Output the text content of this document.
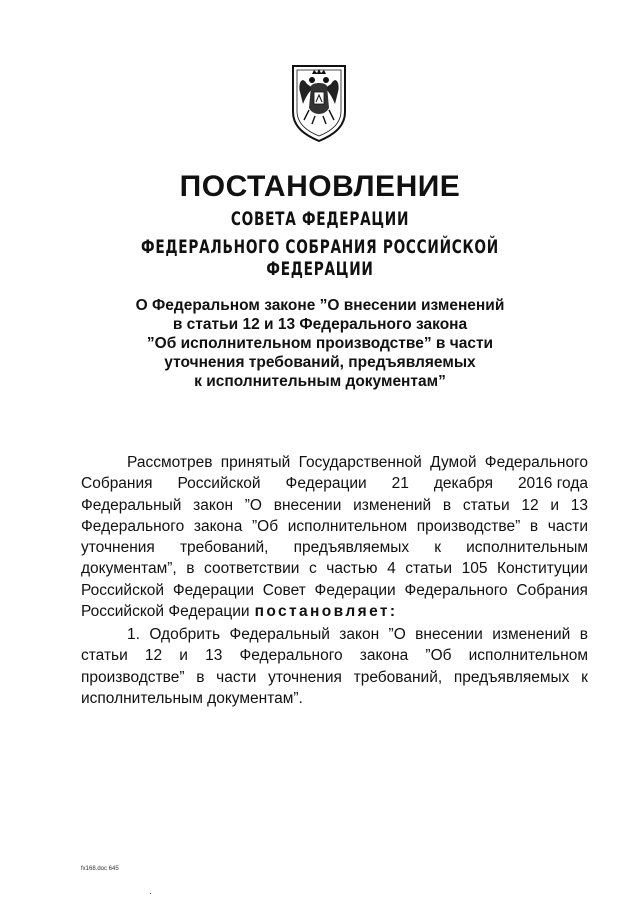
ПОСТАНОВЛЕНИЕ
СОВЕТА ФЕДЕРАЦИИ
ФЕДЕРАЛЬНОГО СОБРАНИЯ РОССИЙСКОЙ ФЕДЕРАЦИИ
О Федеральном законе ”О внесении изменений
в статьи 12 и 13 Федерального закона
”Об исполнительном производстве” в части
уточнения требований, предъявляемых
к исполнительным документам”
Рассмотрев принятый Государственной Думой Федерального
Собрания Российской Федерации 21 декабря 2016 года
Федеральный закон ”О внесении изменений в статьи 12 и 13
Федерального закона ”Об исполнительном производстве” в части
уточнения требований, предъявляемых к исполнительным
документам”, в соответствии с частью 4 статьи 105 Конституции
Российской Федерации Совет Федерации Федерального Собрания
Российской Федерации постановляет:
1. Одобрить Федеральный закон ”О внесении изменений в
статьи 12 и 13 Федерального закона ”Об исполнительном
производстве” в части уточнения требований, предъявляемых к
исполнительным документам”.
fx168.doc 645
